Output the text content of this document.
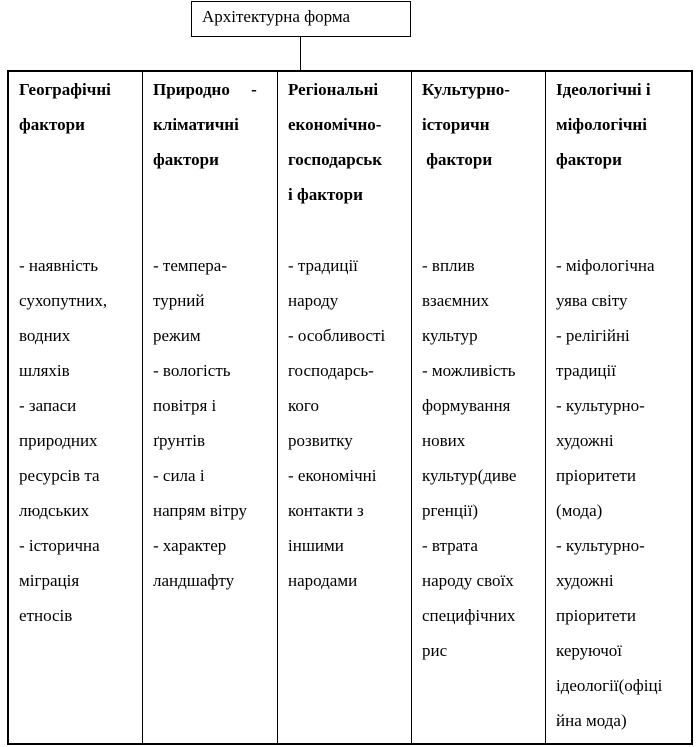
Архітектурна форма
Географічні
фактори
- наявність
сухопутних,
водних
шляхів
- запаси
природних
ресурсів та
людських
- історична
міграція
етносів
Природно     -
кліматичні
фактори
- темпера-
турний
режим
- вологість
повітря і
ґрунтів
- сила і
напрям вітру
- характер
ландшафту
Регіональні
економічно-
господарськ
і фактори
- традиції
народу
- особливості
господарсь-
кого
розвитку
- економічні
контакти з
іншими
народами
Культурно-
історичн
фактори
- вплив
взаємних
культур
- можливість
формування
нових
культур(диве
ргенції)
- втрата
народу своїх
специфічних
рис
Ідеологічні і
міфологічні
фактори
- міфологічна
уява світу
- релігійні
традиції
- культурно-
художні
пріоритети
(мода)
- культурно-
художні
пріоритети
керуючої
ідеології(офіці
йна мода)
